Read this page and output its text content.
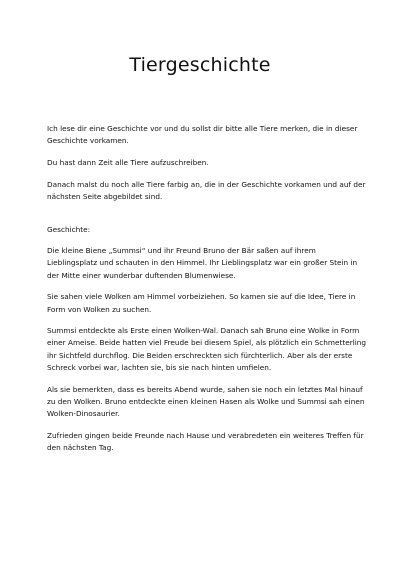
Tiergeschichte

Ich lese dir eine Geschichte vor und du sollst dir bitte alle Tiere merken, die in dieser Geschichte vorkamen.

Du hast dann Zeit alle Tiere aufzuschreiben.

Danach malst du noch alle Tiere farbig an, die in der Geschichte vorkamen und auf der nächsten Seite abgebildet sind.

Geschichte:

Die kleine Biene „Summsi“ und ihr Freund Bruno der Bär saßen auf ihrem Lieblingsplatz und schauten in den Himmel. Ihr Lieblingsplatz war ein großer Stein in der Mitte einer wunderbar duftenden Blumenwiese.

Sie sahen viele Wolken am Himmel vorbeiziehen. So kamen sie auf die Idee, Tiere in Form von Wolken zu suchen.

Summsi entdeckte als Erste einen Wolken-Wal. Danach sah Bruno eine Wolke in Form einer Ameise. Beide hatten viel Freude bei diesem Spiel, als plötzlich ein Schmetterling ihr Sichtfeld durchflog. Die Beiden erschreckten sich fürchterlich. Aber als der erste Schreck vorbei war, lachten sie, bis sie nach hinten umfielen.

Als sie bemerkten, dass es bereits Abend wurde, sahen sie noch ein letztes Mal hinauf zu den Wolken. Bruno entdeckte einen kleinen Hasen als Wolke und Summsi sah einen Wolken-Dinosaurier.

Zufrieden gingen beide Freunde nach Hause und verabredeten ein weiteres Treffen für den nächsten Tag.
